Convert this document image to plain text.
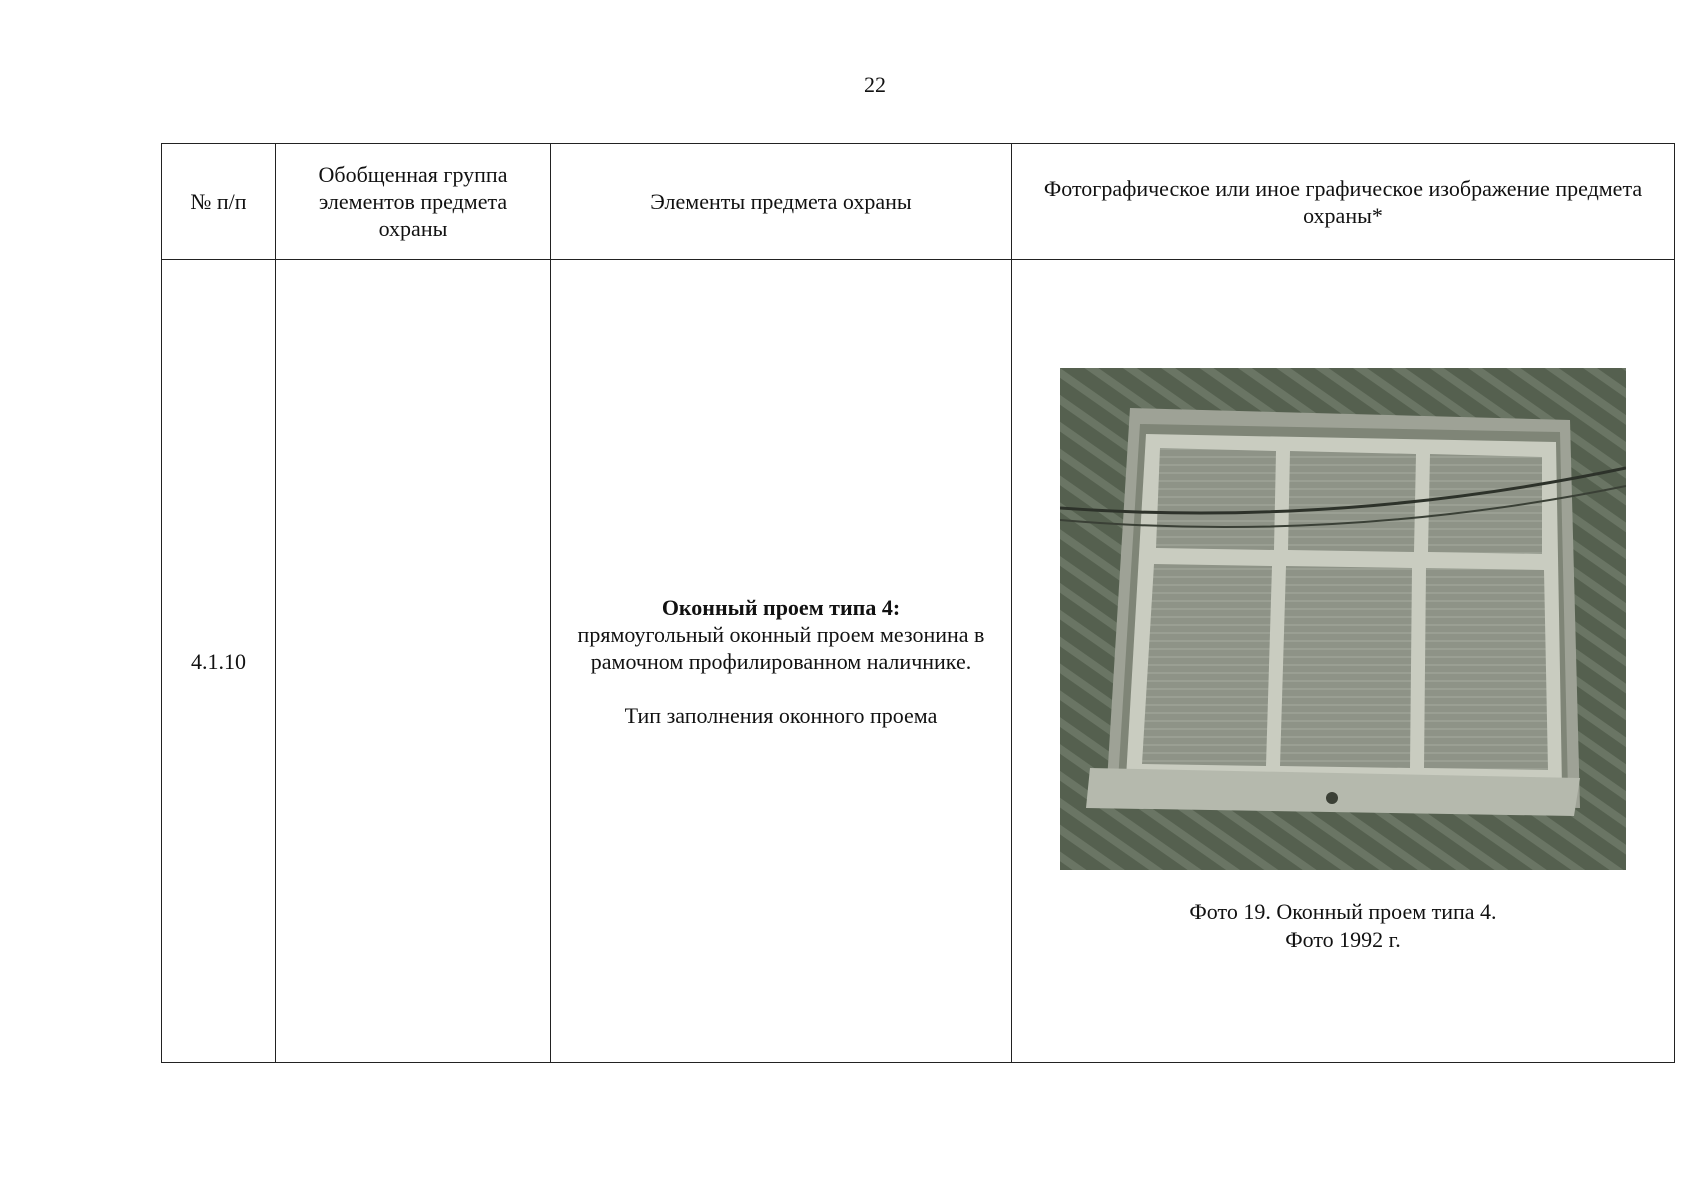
22
№ п/п	Обобщенная группа элементов предмета охраны	Элементы предмета охраны	Фотографическое или иное графическое изображение предмета охраны*
4.1.10		Оконный проем типа 4:
прямоугольный оконный проем мезонина в рамочном профилированном наличнике.
Тип заполнения оконного проема	Фото 19. Оконный проем типа 4.
Фото 1992 г.
